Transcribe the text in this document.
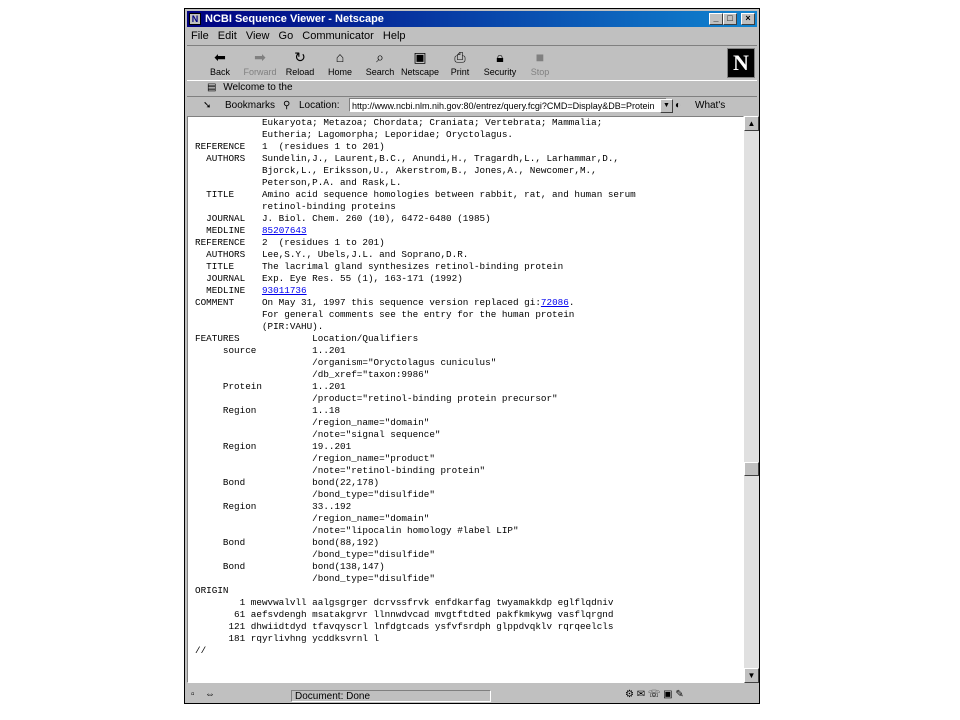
N NCBI Sequence Viewer - Netscape	_ □	×
File Edit View Go Communicator Help
⬅
Back
➡
Forward
↻
Reload
⌂
Home
⌕
Search
▣
Netscape
⎙
Print
🔒︎
Security
■
Stop	N
▤ Welcome to the
➘ Bookmarks ⚲ Location:	http://www.ncbi.nlm.nih.gov:80/entrez/query.fcgi?CMD=Display&DB=Protein	▼ ◐ What's
Eukaryota; Metazoa; Chordata; Craniata; Vertebrata; Mammalia;
Eutheria; Lagomorpha; Leporidae; Oryctolagus.
REFERENCE   1  (residues 1 to 201)
AUTHORS   Sundelin,J., Laurent,B.C., Anundi,H., Tragardh,L., Larhammar,D.,
Bjorck,L., Eriksson,U., Akerstrom,B., Jones,A., Newcomer,M.,
Peterson,P.A. and Rask,L.
TITLE     Amino acid sequence homologies between rabbit, rat, and human serum
retinol-binding proteins
JOURNAL   J. Biol. Chem. 260 (10), 6472-6480 (1985)
MEDLINE   85207643
REFERENCE   2  (residues 1 to 201)
AUTHORS   Lee,S.Y., Ubels,J.L. and Soprano,D.R.
TITLE     The lacrimal gland synthesizes retinol-binding protein
JOURNAL   Exp. Eye Res. 55 (1), 163-171 (1992)
MEDLINE   93011736
COMMENT     On May 31, 1997 this sequence version replaced gi:72086.
For general comments see the entry for the human protein
(PIR:VAHU).
FEATURES             Location/Qualifiers
source          1..201
/organism="Oryctolagus cuniculus"
/db_xref="taxon:9986"
Protein         1..201
/product="retinol-binding protein precursor"
Region          1..18
/region_name="domain"
/note="signal sequence"
Region          19..201
/region_name="product"
/note="retinol-binding protein"
Bond            bond(22,178)
/bond_type="disulfide"
Region          33..192
/region_name="domain"
/note="lipocalin homology #label LIP"
Bond            bond(88,192)
/bond_type="disulfide"
Bond            bond(138,147)
/bond_type="disulfide"
ORIGIN
1 mewvwalvll aalgsgrger dcrvssfrvk enfdkarfag twyamakkdp eglflqdniv
61 aefsvdengh msatakgrvr llnnwdvcad mvgtftdted pakfkmkywg vasflqrgnd
121 dhwiidtdyd tfavqyscrl lnfdgtcads ysfvfsrdph glppdvqklv rqrqeelcls
181 rqyrlivhng ycddksvrnl l
//

▲
▼
▫ ⇔	Document: Done	⚙ ✉ ☏ ▣ ✎
